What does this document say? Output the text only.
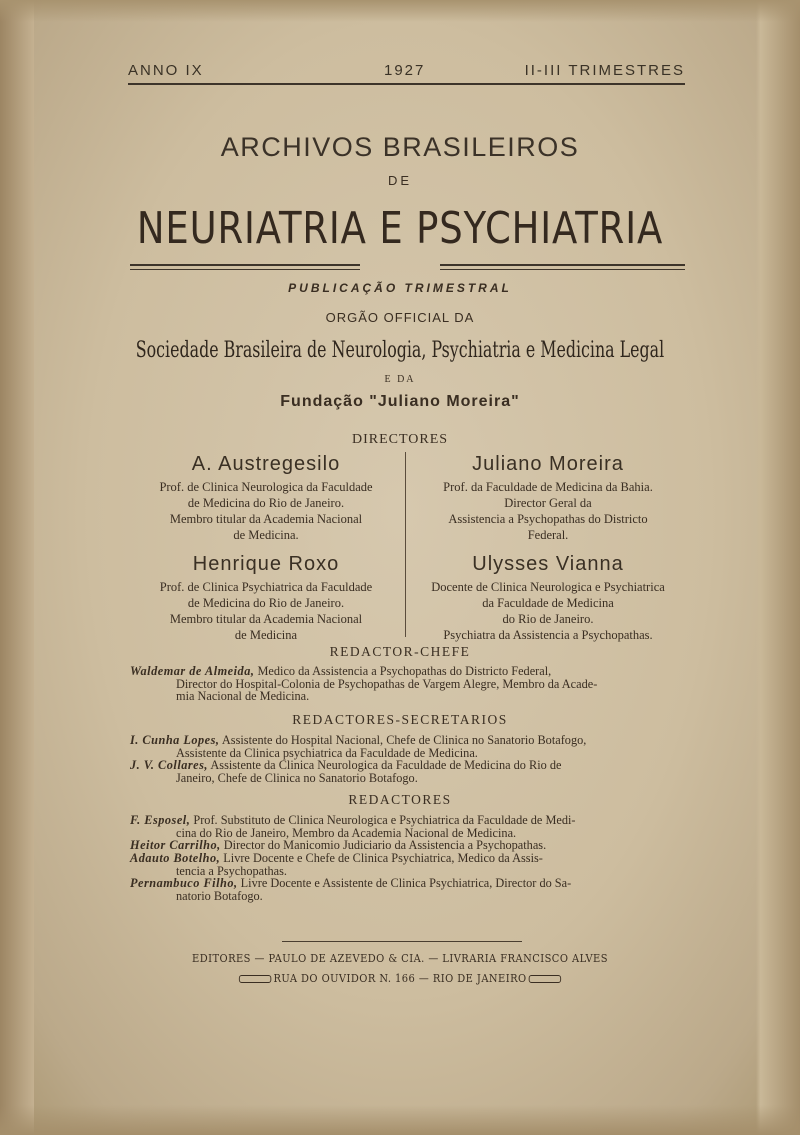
ANNO IX	1927	II-III TRIMESTRES
ARCHIVOS BRASILEIROS
DE
NEURIATRIA E PSYCHIATRIA
PUBLICAÇÃO TRIMESTRAL
ORGÃO OFFICIAL DA
Sociedade Brasileira de Neurologia, Psychiatria e Medicina Legal
E DA
Fundação "Juliano Moreira"
DIRECTORES
A. Austregesilo
Prof. de Clinica Neurologica da Faculdade
de Medicina do Rio de Janeiro.
Membro titular da Academia Nacional
de Medicina.
Juliano Moreira
Prof. da Faculdade de Medicina da Bahia.
Director Geral da
Assistencia a Psychopathas do Districto
Federal.
Henrique Roxo
Prof. de Clinica Psychiatrica da Faculdade
de Medicina do Rio de Janeiro.
Membro titular da Academia Nacional
de Medicina
Ulysses Vianna
Docente de Clinica Neurologica e Psychiatrica
da Faculdade de Medicina
do Rio de Janeiro.
Psychiatra da Assistencia a Psychopathas.
REDACTOR-CHEFE
Waldemar de Almeida, Medico da Assistencia a Psychopathas do Districto Federal,
Director do Hospital-Colonia de Psychopathas de Vargem Alegre, Membro da Acade-
mia Nacional de Medicina.
REDACTORES-SECRETARIOS
I. Cunha Lopes, Assistente do Hospital Nacional, Chefe de Clinica no Sanatorio Botafogo,
Assistente da Clinica psychiatrica da Faculdade de Medicina.
J. V. Collares, Assistente da Clinica Neurologica da Faculdade de Medicina do Rio de
Janeiro, Chefe de Clinica no Sanatorio Botafogo.
REDACTORES
F. Esposel, Prof. Substituto de Clinica Neurologica e Psychiatrica da Faculdade de Medi-
cina do Rio de Janeiro, Membro da Academia Nacional de Medicina.
Heitor Carrilho, Director do Manicomio Judiciario da Assistencia a Psychopathas.
Adauto Botelho, Livre Docente e Chefe de Clinica Psychiatrica, Medico da Assis-
tencia a Psychopathas.
Pernambuco Filho, Livre Docente e Assistente de Clinica Psychiatrica, Director do Sa-
natorio Botafogo.
EDITORES — PAULO DE AZEVEDO & CIA. — LIVRARIA FRANCISCO ALVES
RUA DO OUVIDOR N. 166 — RIO DE JANEIRO
